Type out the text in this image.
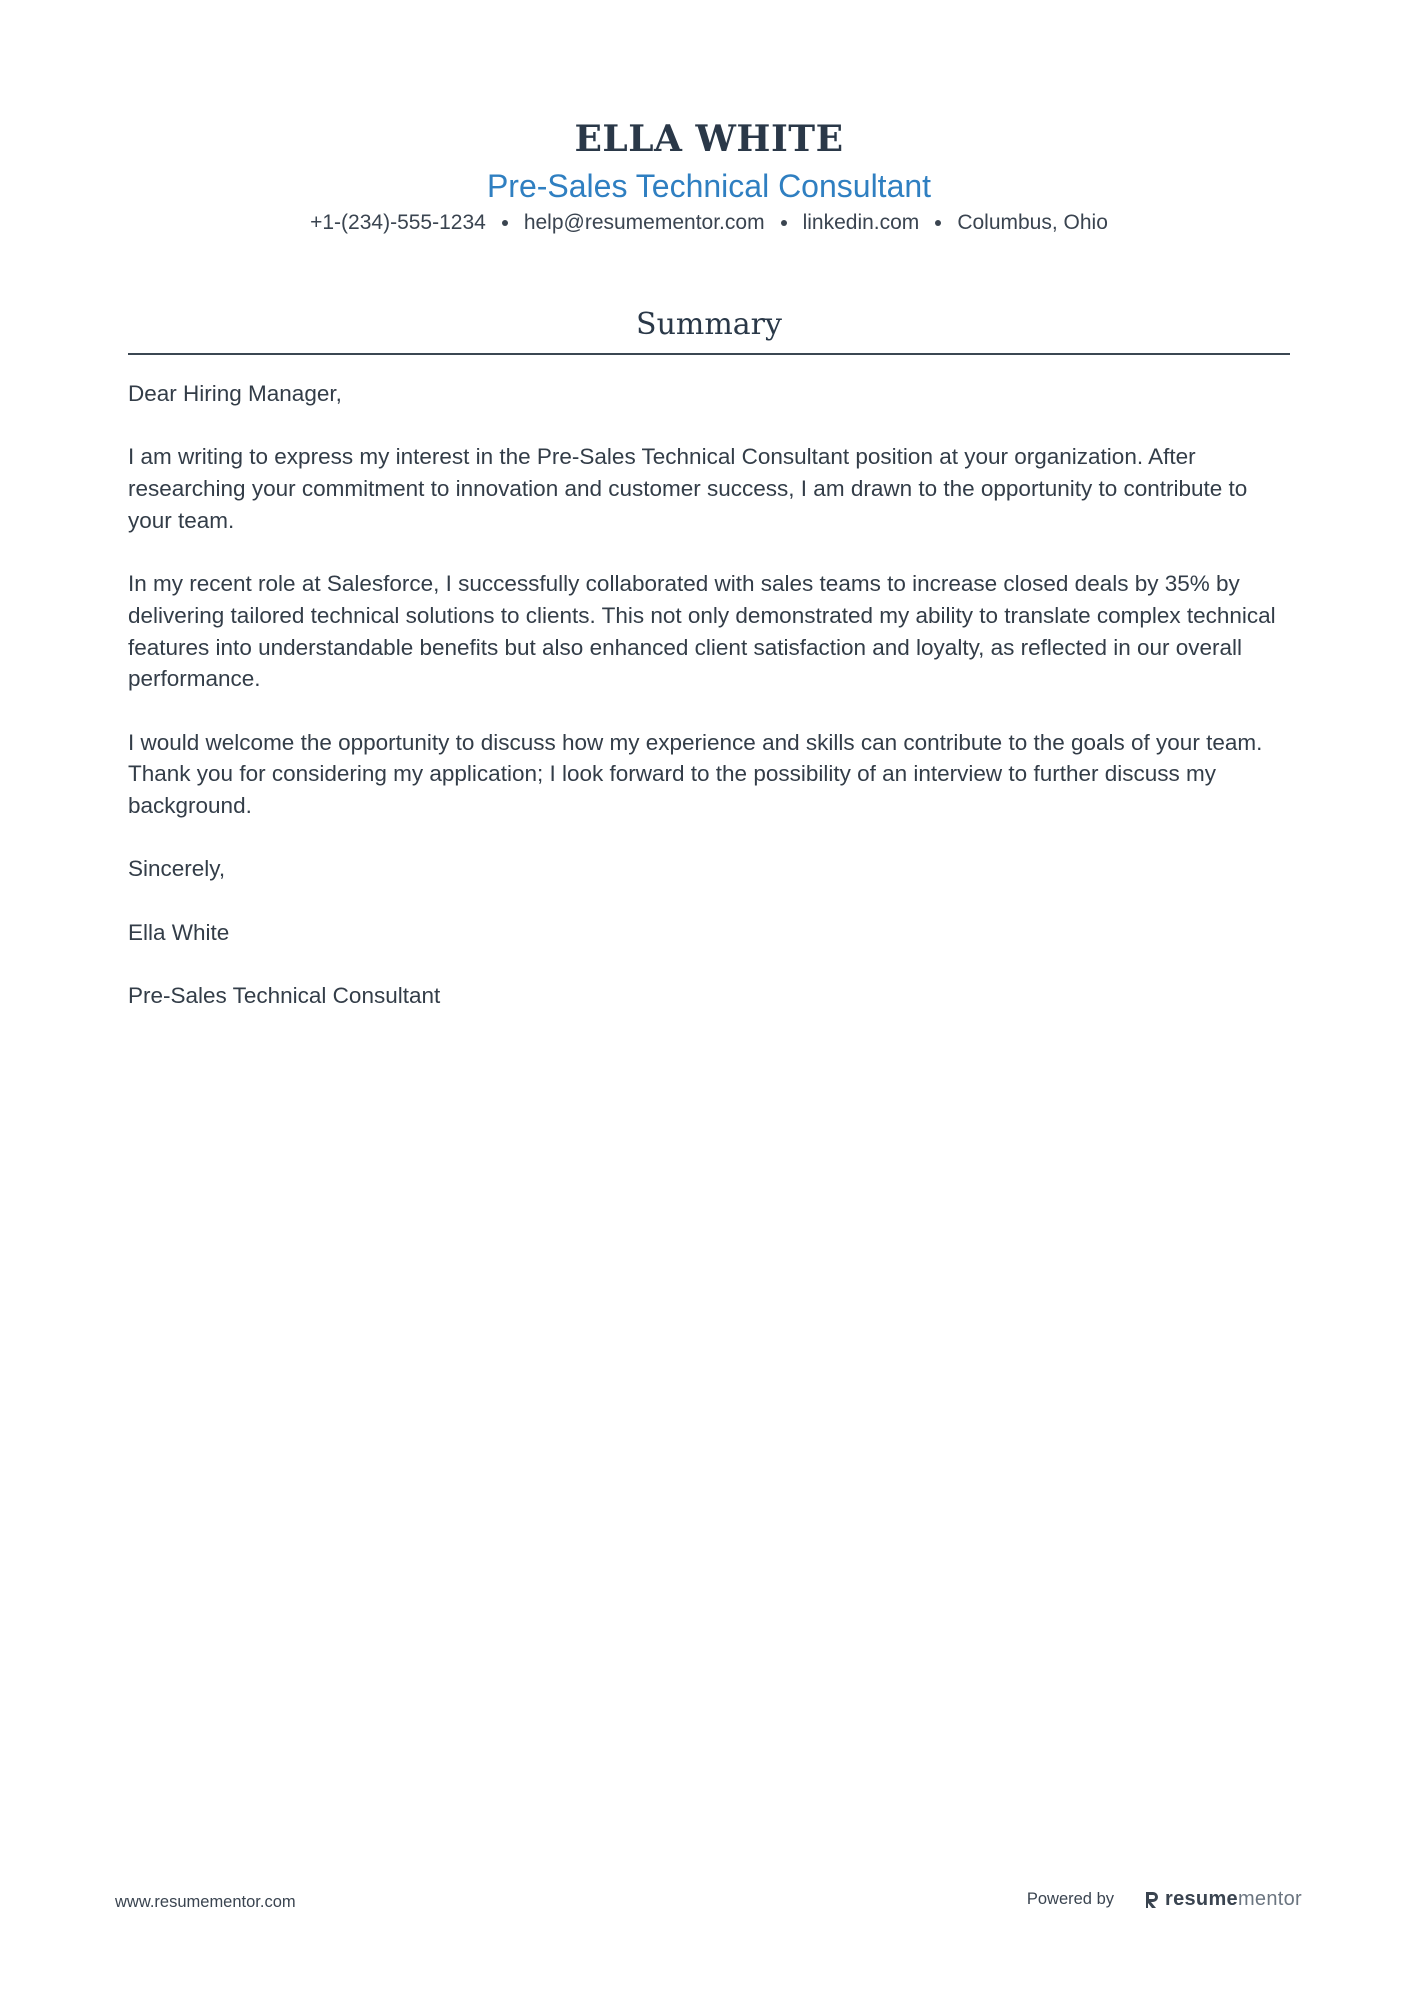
ELLA WHITE
Pre-Sales Technical Consultant
+1-(234)-555-1234 help@resumementor.com linkedin.com Columbus, Ohio
Summary

Dear Hiring Manager,

I am writing to express my interest in the Pre-Sales Technical Consultant position at your organization. After researching your commitment to innovation and customer success, I am drawn to the opportunity to contribute to your team.

In my recent role at Salesforce, I successfully collaborated with sales teams to increase closed deals by 35% by delivering tailored technical solutions to clients. This not only demonstrated my ability to translate complex technical features into understandable benefits but also enhanced client satisfaction and loyalty, as reflected in our overall performance.

I would welcome the opportunity to discuss how my experience and skills can contribute to the goals of your team. Thank you for considering my application; I look forward to the possibility of an interview to further discuss my background.

Sincerely,

Ella White

Pre-Sales Technical Consultant

www.resumementor.com	Powered by	resume mentor
